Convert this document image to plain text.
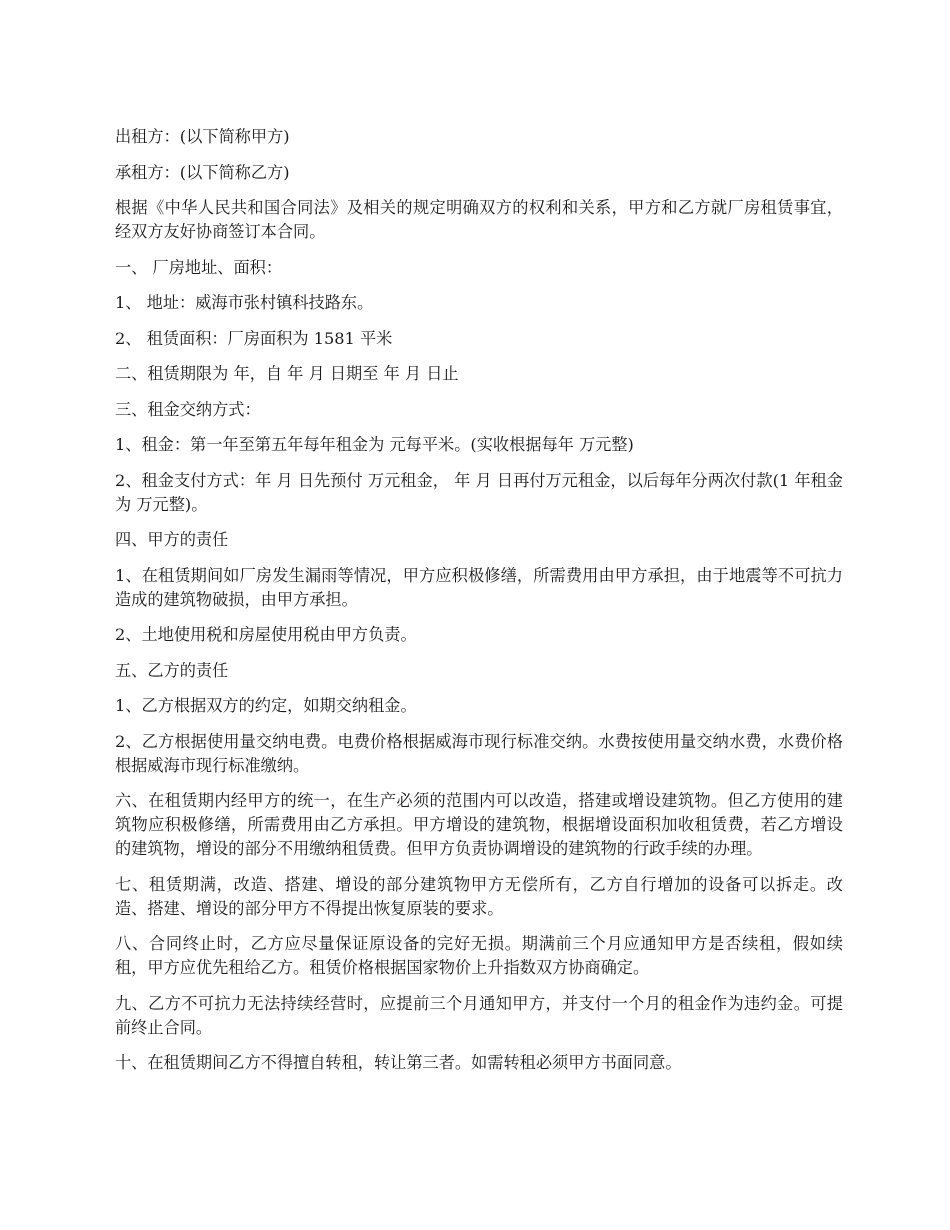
出租方：(以下简称甲方)

承租方：(以下简称乙方)

根据《中华人民共和国合同法》及相关的规定明确双方的权利和关系，甲方和乙方就厂房租赁事宜，经双方友好协商签订本合同。

一、 厂房地址、面积：

1、 地址：威海市张村镇科技路东。

2、 租赁面积：厂房面积为 1581 平米

二、租赁期限为 年，自 年 月 日期至 年 月 日止

三、租金交纳方式：

1、租金：第一年至第五年每年租金为 元每平米。(实收根据每年 万元整)

2、租金支付方式：年 月 日先预付 万元租金， 年 月 日再付万元租金，以后每年分两次付款(1 年租金为 万元整)。

四、甲方的责任

1、在租赁期间如厂房发生漏雨等情况，甲方应积极修缮，所需费用由甲方承担，由于地震等不可抗力造成的建筑物破损，由甲方承担。

2、土地使用税和房屋使用税由甲方负责。

五、乙方的责任

1、乙方根据双方的约定，如期交纳租金。

2、乙方根据使用量交纳电费。电费价格根据威海市现行标准交纳。水费按使用量交纳水费，水费价格根据威海市现行标准缴纳。

六、在租赁期内经甲方的统一，在生产必须的范围内可以改造，搭建或增设建筑物。但乙方使用的建筑物应积极修缮，所需费用由乙方承担。甲方增设的建筑物，根据增设面积加收租赁费，若乙方增设的建筑物，增设的部分不用缴纳租赁费。但甲方负责协调增设的建筑物的行政手续的办理。

七、租赁期满，改造、搭建、增设的部分建筑物甲方无偿所有，乙方自行增加的设备可以拆走。改造、搭建、增设的部分甲方不得提出恢复原装的要求。

八、合同终止时，乙方应尽量保证原设备的完好无损。期满前三个月应通知甲方是否续租，假如续租，甲方应优先租给乙方。租赁价格根据国家物价上升指数双方协商确定。

九、乙方不可抗力无法持续经营时，应提前三个月通知甲方，并支付一个月的租金作为违约金。可提前终止合同。

十、在租赁期间乙方不得擅自转租，转让第三者。如需转租必须甲方书面同意。
